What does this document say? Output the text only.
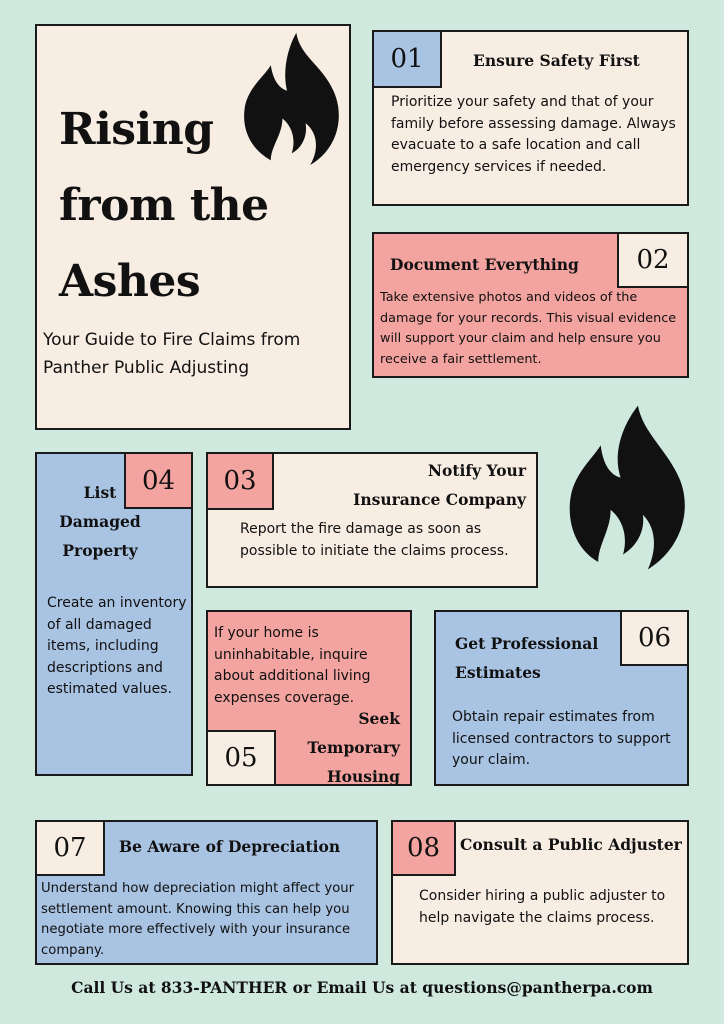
Rising
from the
Ashes
Your Guide to Fire Claims from Panther Public Adjusting
01	Ensure Safety First
Prioritize your safety and that of your family before assessing damage. Always evacuate to a safe location and call emergency services if needed.
02
Document Everything
Take extensive photos and videos of the damage for your records. This visual evidence will support your claim and help ensure you receive a fair settlement.
04
List Damaged Property
Create an inventory of all damaged items, including descriptions and estimated values.
03	Notify Your Insurance Company
Report the fire damage as soon as possible to initiate the claims process.
05
If your home is uninhabitable, inquire about additional living expenses coverage.
Seek Temporary Housing
06
Get Professional Estimates
Obtain repair estimates from licensed contractors to support your claim.
07	Be Aware of Depreciation
Understand how depreciation might affect your settlement amount. Knowing this can help you negotiate more effectively with your insurance company.
08	Consult a Public Adjuster
Consider hiring a public adjuster to help navigate the claims process.
Call Us at 833-PANTHER or Email Us at questions@pantherpa.com
